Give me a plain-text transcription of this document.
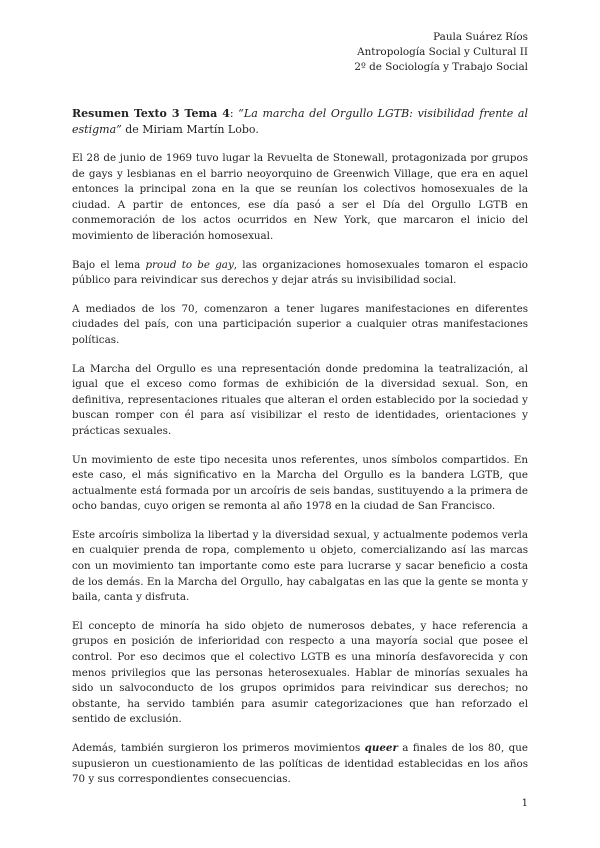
Paula Suárez Ríos
Antropología Social y Cultural II
2º de Sociología y Trabajo Social
Resumen Texto 3 Tema 4: “La marcha del Orgullo LGTB: visibilidad frente al estigma” de Miriam Martín Lobo.

El 28 de junio de 1969 tuvo lugar la Revuelta de Stonewall, protagonizada por grupos de gays y lesbianas en el barrio neoyorquino de Greenwich Village, que era en aquel entonces la principal zona en la que se reunían los colectivos homosexuales de la ciudad. A partir de entonces, ese día pasó a ser el Día del Orgullo LGTB en conmemoración de los actos ocurridos en New York, que marcaron el inicio del movimiento de liberación homosexual.

Bajo el lema proud to be gay, las organizaciones homosexuales tomaron el espacio público para reivindicar sus derechos y dejar atrás su invisibilidad social.

A mediados de los 70, comenzaron a tener lugares manifestaciones en diferentes ciudades del país, con una participación superior a cualquier otras manifestaciones políticas.

La Marcha del Orgullo es una representación donde predomina la teatralización, al igual que el exceso como formas de exhibición de la diversidad sexual. Son, en definitiva, representaciones rituales que alteran el orden establecido por la sociedad y buscan romper con él para así visibilizar el resto de identidades, orientaciones y prácticas sexuales.

Un movimiento de este tipo necesita unos referentes, unos símbolos compartidos. En este caso, el más significativo en la Marcha del Orgullo es la bandera LGTB, que actualmente está formada por un arcoíris de seis bandas, sustituyendo a la primera de ocho bandas, cuyo origen se remonta al año 1978 en la ciudad de San Francisco.

Este arcoíris simboliza la libertad y la diversidad sexual, y actualmente podemos verla en cualquier prenda de ropa, complemento u objeto, comercializando así las marcas con un movimiento tan importante como este para lucrarse y sacar beneficio a costa de los demás. En la Marcha del Orgullo, hay cabalgatas en las que la gente se monta y baila, canta y disfruta.

El concepto de minoría ha sido objeto de numerosos debates, y hace referencia a grupos en posición de inferioridad con respecto a una mayoría social que posee el control. Por eso decimos que el colectivo LGTB es una minoría desfavorecida y con menos privilegios que las personas heterosexuales. Hablar de minorías sexuales ha sido un salvoconducto de los grupos oprimidos para reivindicar sus derechos; no obstante, ha servido también para asumir categorizaciones que han reforzado el sentido de exclusión.

Además, también surgieron los primeros movimientos queer a finales de los 80, que supusieron un cuestionamiento de las políticas de identidad establecidas en los años 70 y sus correspondientes consecuencias.

1
